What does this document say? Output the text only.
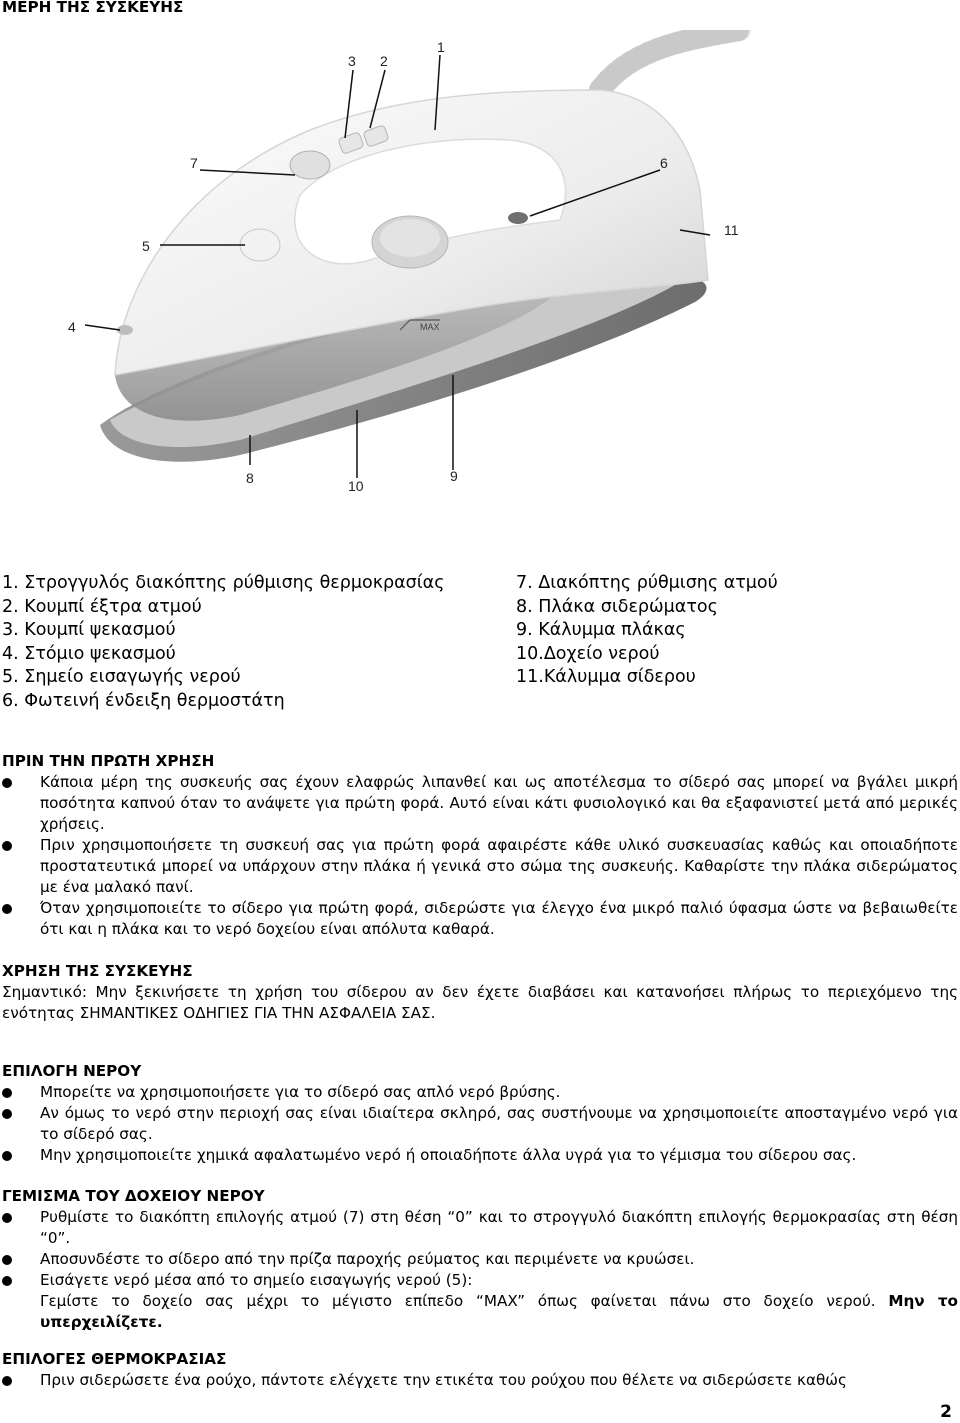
ΜΕΡΗ ΤΗΣ ΣΥΣΚΕΥΗΣ
MAX
1
2
3
4
5
6
7
8	9
10
11
1. Στρογγυλός διακόπτης ρύθμισης θερμοκρασίας
2. Κουμπί έξτρα ατμού
3. Κουμπί ψεκασμού
4. Στόμιο ψεκασμού
5. Σημείο εισαγωγής νερού
6. Φωτεινή ένδειξη θερμοστάτη
7. Διακόπτης ρύθμισης ατμού
8. Πλάκα σιδερώματος
9. Κάλυμμα πλάκας
10.Δοχείο νερού
11.Κάλυμμα σίδερου
ΠΡΙΝ ΤΗΝ ΠΡΩΤΗ ΧΡΗΣΗ
Κάποια μέρη της συσκευής σας έχουν ελαφρώς λιπανθεί και ως αποτέλεσμα το σίδερό σας μπορεί να βγάλει μικρή ποσότητα καπνού όταν το ανάψετε για πρώτη φορά. Αυτό είναι κάτι φυσιολογικό και θα εξαφανιστεί μετά από μερικές χρήσεις.
Πριν χρησιμοποιήσετε τη συσκευή σας για πρώτη φορά αφαιρέστε κάθε υλικό συσκευασίας καθώς και οποιαδήποτε προστατευτικά μπορεί να υπάρχουν στην πλάκα ή γενικά στο σώμα της συσκευής. Καθαρίστε την πλάκα σιδερώματος με ένα μαλακό πανί.
Όταν χρησιμοποιείτε το σίδερο για πρώτη φορά, σιδερώστε για έλεγχο ένα μικρό παλιό ύφασμα ώστε να βεβαιωθείτε ότι και η πλάκα και το νερό δοχείου είναι απόλυτα καθαρά.
ΧΡΗΣΗ ΤΗΣ ΣΥΣΚΕΥΗΣ
Σημαντικό: Μην ξεκινήσετε τη χρήση του σίδερου αν δεν έχετε διαβάσει και κατανοήσει πλήρως το περιεχόμενο της ενότητας ΣΗΜΑΝΤΙΚΕΣ ΟΔΗΓΙΕΣ ΓΙΑ ΤΗΝ ΑΣΦΑΛΕΙΑ ΣΑΣ.
ΕΠΙΛΟΓΗ ΝΕΡΟΥ
Μπορείτε να χρησιμοποιήσετε για το σίδερό σας απλό νερό βρύσης.
Αν όμως το νερό στην περιοχή σας είναι ιδιαίτερα σκληρό, σας συστήνουμε να χρησιμοποιείτε αποσταγμένο νερό για το σίδερό σας.
Μην χρησιμοποιείτε χημικά αφαλατωμένο νερό ή οποιαδήποτε άλλα υγρά για το γέμισμα του σίδερου σας.
ΓΕΜΙΣΜΑ ΤΟΥ ΔΟΧΕΙΟΥ ΝΕΡΟΥ
Ρυθμίστε το διακόπτη επιλογής ατμού (7) στη θέση “0” και το στρογγυλό διακόπτη επιλογής θερμοκρασίας στη θέση “0”.
Αποσυνδέστε το σίδερο από την πρίζα παροχής ρεύματος και περιμένετε να κρυώσει.
Εισάγετε νερό μέσα από το σημείο εισαγωγής νερού (5):
Γεμίστε το δοχείο σας μέχρι το μέγιστο επίπεδο “MAX” όπως φαίνεται πάνω στο δοχείο νερού. Μην το υπερχειλίζετε.
ΕΠΙΛΟΓΕΣ ΘΕΡΜΟΚΡΑΣΙΑΣ
Πριν σιδερώσετε ένα ρούχο, πάντοτε ελέγχετε την ετικέτα του ρούχου που θέλετε να σιδερώσετε καθώς
2
